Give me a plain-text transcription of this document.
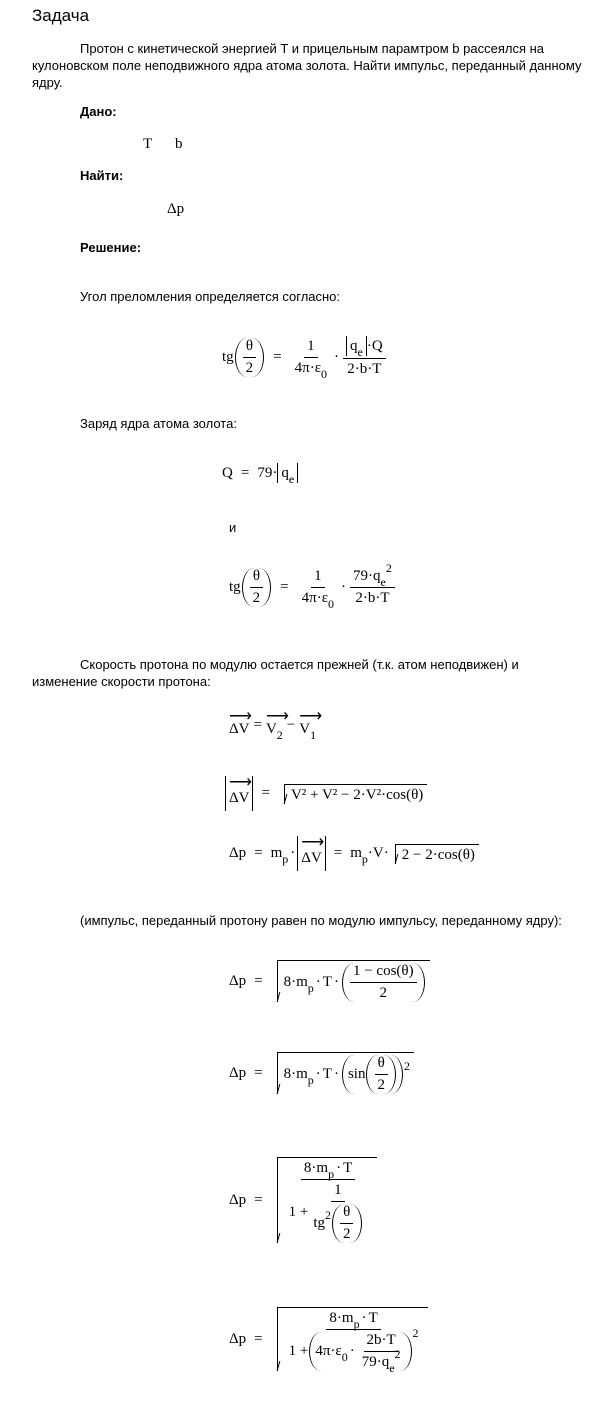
Задача
Протон с кинетической энергией T и прицельным парамтром b рассеялся на кулоновском поле неподвижного ядра атома золота. Найти импульс, переданный данному ядру.
Дано:
T b
Найти:
Δp
Решение:
Угол преломления определяется согласно:
tg $\frac{\theta}{2} = \frac{1}{4\pi\cdot\varepsilon_0} \cdot \frac{q_e \cdot Q}{2\cdot b\cdot T}$
Заряд ядра атома золота:
$Q = 79\cdot q_e$
и
tg $\frac{\theta}{2} = \frac{1}{4\pi\cdot\varepsilon_0} \cdot \frac{79\cdot q_e^2}{2\cdot b\cdot T}$
Скорость протона по модулю остается прежней (т.к. атом неподвижен) и изменение скорости протона:
⟶ ΔV = ⟶ $V_2$
− ⟶ $V_1$
⟶ ΔV =	V² + V² − 2·V²·cos(θ)
Δp = m p · ⟶ ΔV = m p ·V· 2 − 2·cos (θ)
(импульс, переданный протону равен по модулю импульсу, переданному ядру):
Δp = 8·m $p \cdot T \cdot \frac{1 - \cos(\theta)}{2}$
Δp = 8·m $p \cdot T \cdot \sin \frac{\theta}{2} 2$
$\Delta p = \frac{8\cdot m_p \cdot T}{1 + \frac{1}{tg 2 \frac{\theta}{2}}}$
$\Delta p = \frac{8\cdot m_p \cdot T}{1 + 4\pi\cdot\varepsilon 0 \cdot \frac{2b\cdot T}{79\cdot q_e^2} 2}$
